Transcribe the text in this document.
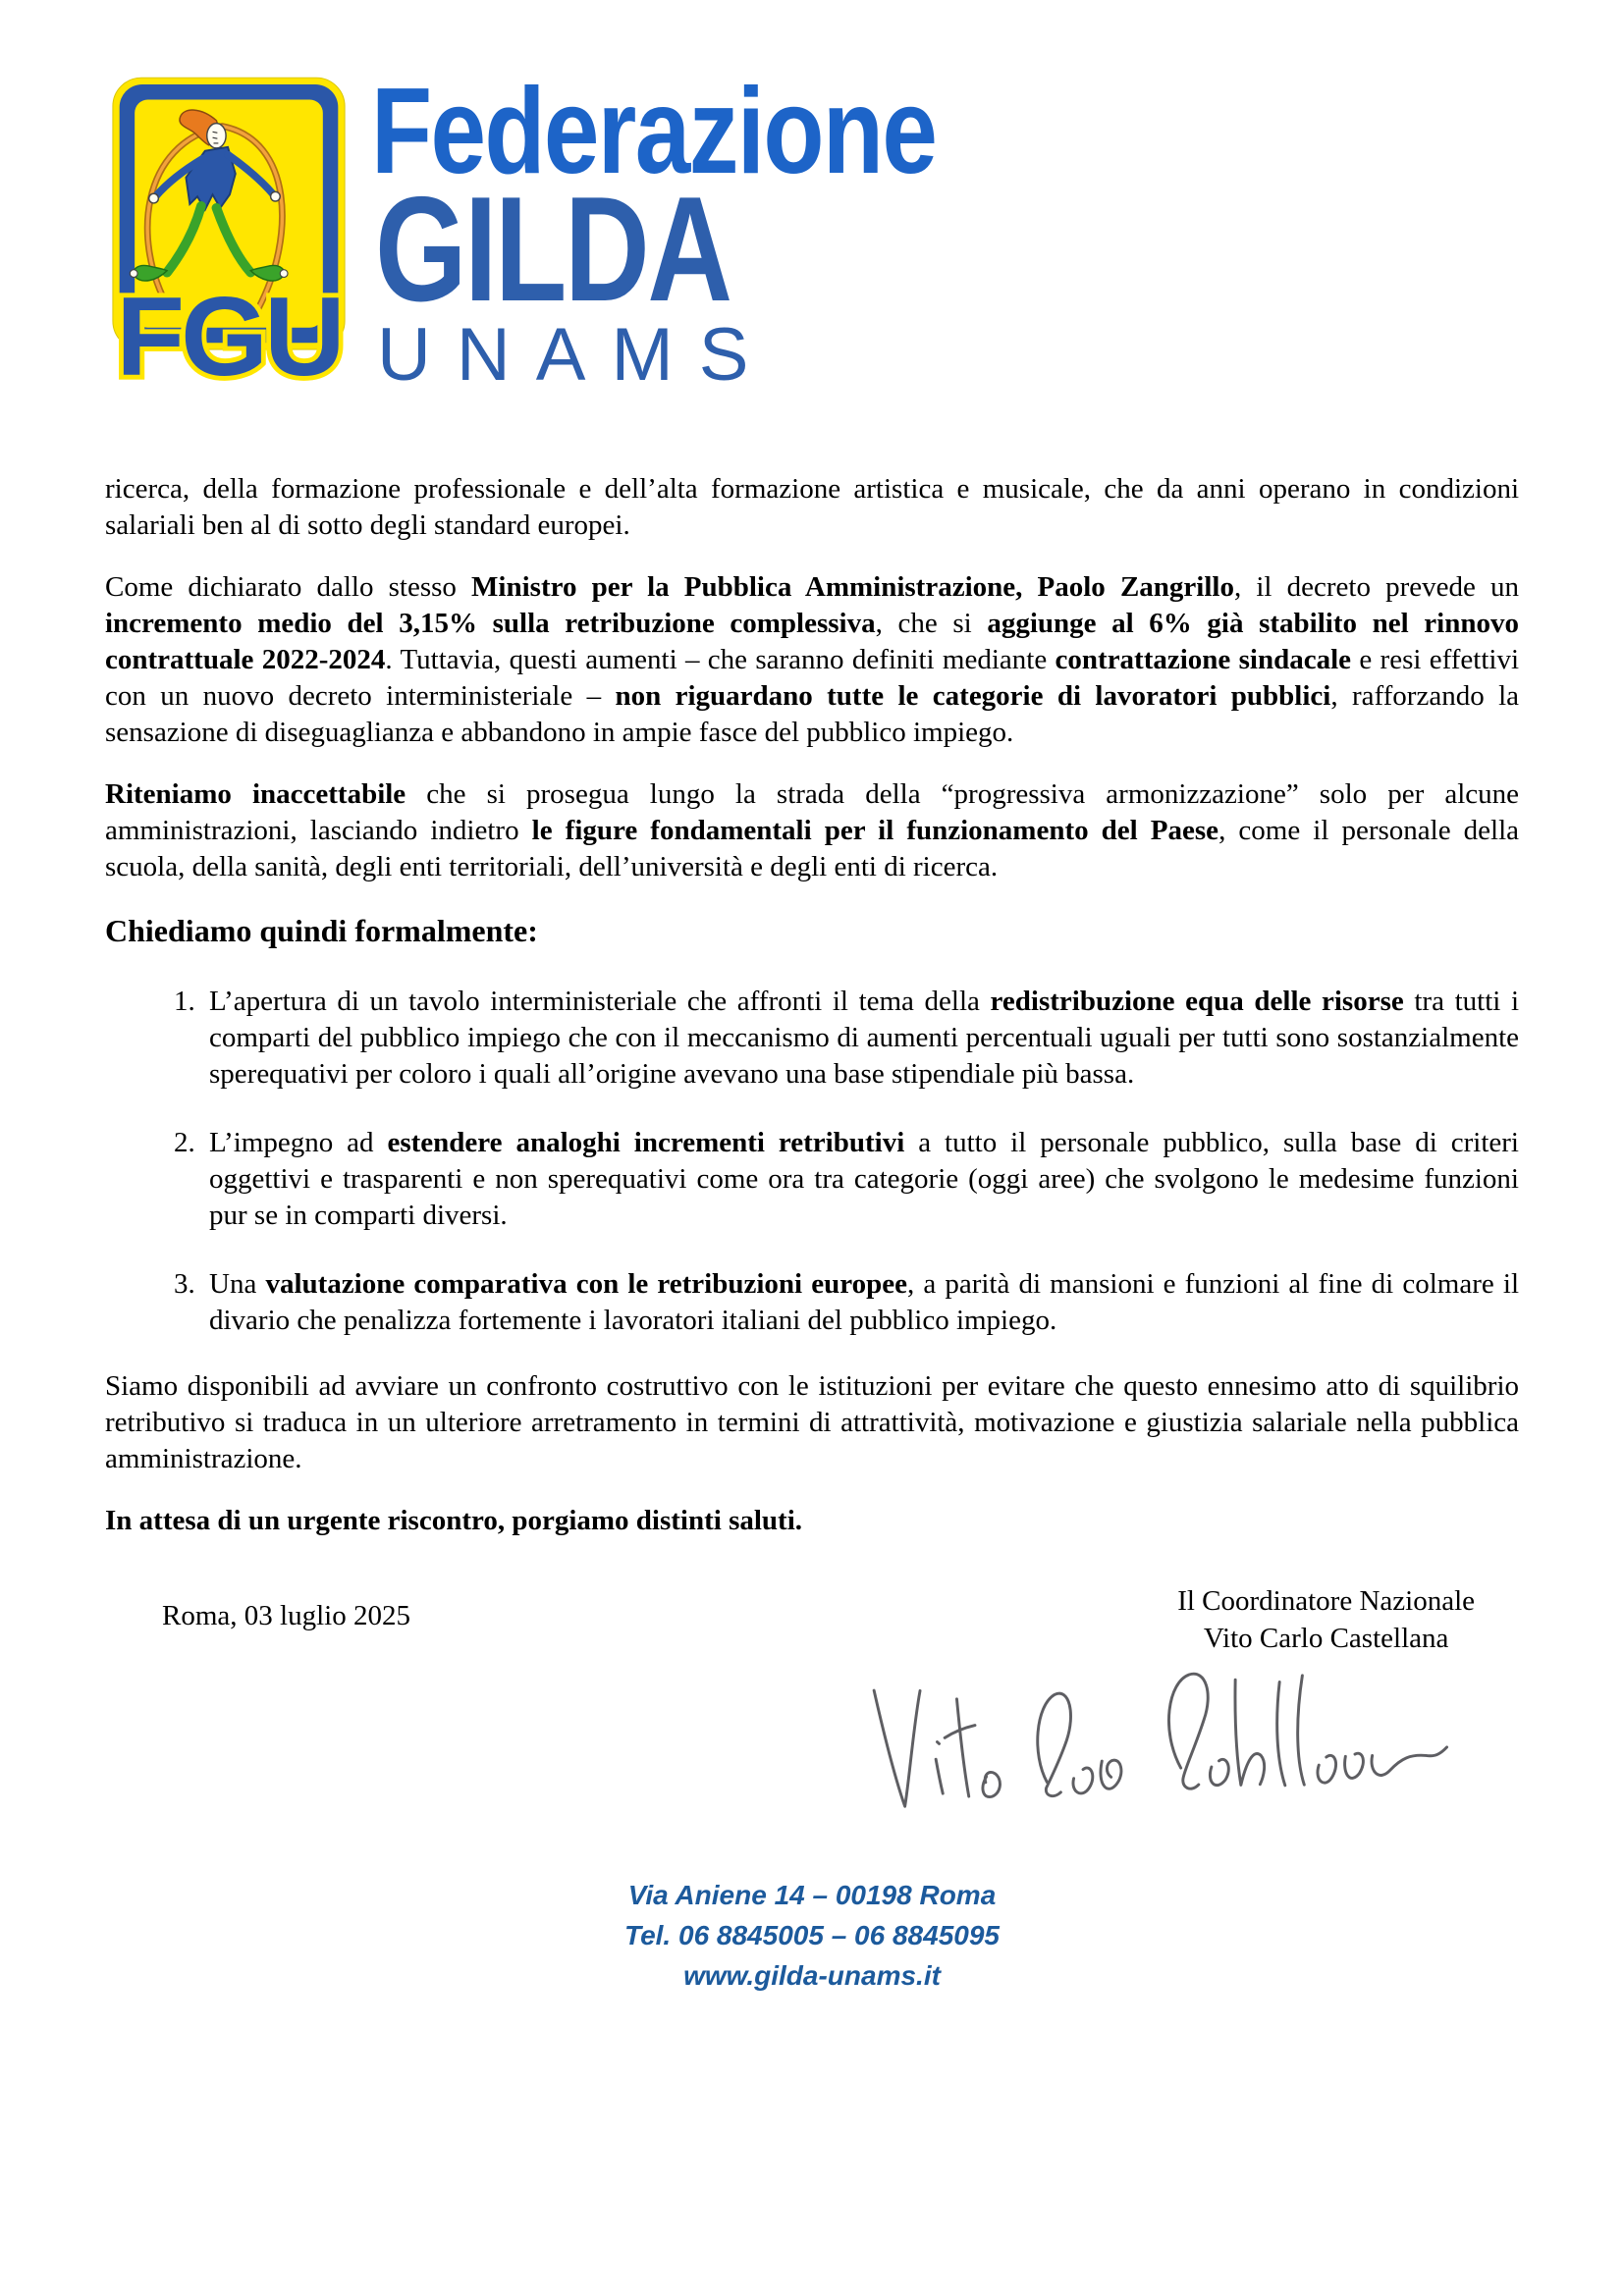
FGU
Federazione
GILDA
UNAMS

ricerca, della formazione professionale e dell’alta formazione artistica e musicale, che da anni operano in condizioni salariali ben al di sotto degli standard europei.

Come dichiarato dallo stesso Ministro per la Pubblica Amministrazione, Paolo Zangrillo, il decreto prevede un incremento medio del 3,15% sulla retribuzione complessiva, che si aggiunge al 6% già stabilito nel rinnovo contrattuale 2022-2024. Tuttavia, questi aumenti – che saranno definiti mediante contrattazione sindacale e resi effettivi con un nuovo decreto interministeriale – non riguardano tutte le categorie di lavoratori pubblici, rafforzando la sensazione di diseguaglianza e abbandono in ampie fasce del pubblico impiego.

Riteniamo inaccettabile che si prosegua lungo la strada della “progressiva armonizzazione” solo per alcune amministrazioni, lasciando indietro le figure fondamentali per il funzionamento del Paese, come il personale della scuola, della sanità, degli enti territoriali, dell’università e degli enti di ricerca.

Chiediamo quindi formalmente:
1. L’apertura di un tavolo interministeriale che affronti il tema della redistribuzione equa delle risorse tra tutti i comparti del pubblico impiego che con il meccanismo di aumenti percentuali uguali per tutti sono sostanzialmente sperequativi per coloro i quali all’origine avevano una base stipendiale più bassa.
2. L’impegno ad estendere analoghi incrementi retributivi a tutto il personale pubblico, sulla base di criteri oggettivi e trasparenti e non sperequativi come ora tra categorie (oggi aree) che svolgono le medesime funzioni pur se in comparti diversi.
3. Una valutazione comparativa con le retribuzioni europee, a parità di mansioni e funzioni al fine di colmare il divario che penalizza fortemente i lavoratori italiani del pubblico impiego.

Siamo disponibili ad avviare un confronto costruttivo con le istituzioni per evitare che questo ennesimo atto di squilibrio retributivo si traduca in un ulteriore arretramento in termini di attrattività, motivazione e giustizia salariale nella pubblica amministrazione.

In attesa di un urgente riscontro, porgiamo distinti saluti.

Roma, 03 luglio 2025	Il Coordinatore Nazionale
Vito Carlo Castellana
Via Aniene 14 – 00198 Roma
Tel. 06 8845005 – 06 8845095
www.gilda-unams.it
